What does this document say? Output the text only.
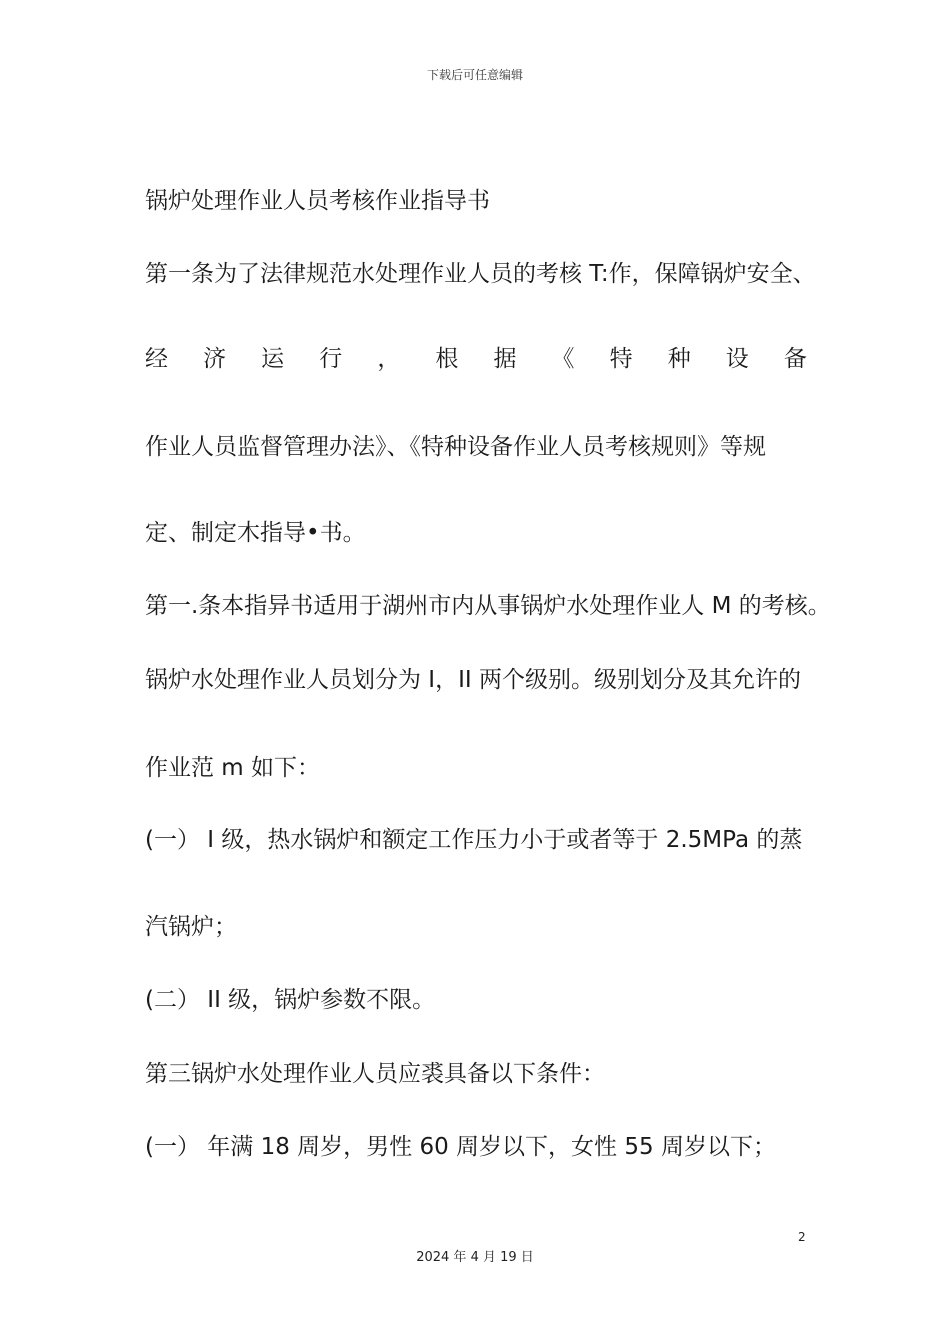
下载后可任意编辑
锅炉处理作业人员考核作业指导书
第一条为了法律规范水处理作业人员的考核 T:作，保障锅炉安全、
经 济 运 行 ， 根 据 《 特 种 设 备
作业人员监督管理办法》、《特种设备作业人员考核规则》等规
定、制定木指导•书。
第一.条本指异书适用于湖州市内从事锅炉水处理作业人 M 的考核。
锅炉水处理作业人员划分为 I，II 两个级别。级别划分及其允许的
作业范 m 如下：
(一） I 级，热水锅炉和额定工作压力小于或者等于 2.5MPa 的蒸
汽锅炉；
(二） II 级，锅炉参数不限。
第三锅炉水处理作业人员应裘具备以下条件：
(一） 年满 18 周岁，男性 60 周岁以下，女性 55 周岁以下；
2
2024 年 4 月 19 日
